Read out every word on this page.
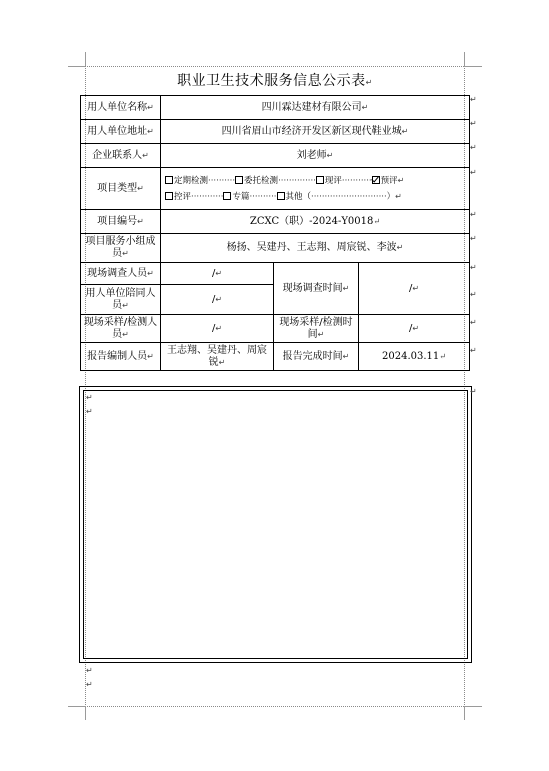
职业卫生技术服务信息公示表↵
用人单位名称↵	四川霖达建材有限公司↵		
用人单位地址↵	四川省眉山市经济开发区新区现代鞋业城↵		
企业联系人↵	刘老师↵		
项目类型↵	定期检测·········· 委托检测·············· 现评··········· 预评↵
控评············ 专篇·········· 其他（····························）↵		

项目编号↵	ZCXC（职）-2024-Y0018↵		
项目服务小组成员↵	杨扬、吴建丹、王志翔、周宸锐、李波↵		
现场调查人员↵	/↵	现场调查时间↵	/↵
用人单位陪同人员↵	/↵		
现场采样/检测人员↵	/↵	现场采样/检测时间↵	/↵
报告编制人员↵	王志翔、吴建丹、周宸锐↵	报告完成时间↵	2024.03.11↵
↵
↵
↵
↵
↵
↵
↵
↵
↵
↵
↵
↵
↵
↵
↵
